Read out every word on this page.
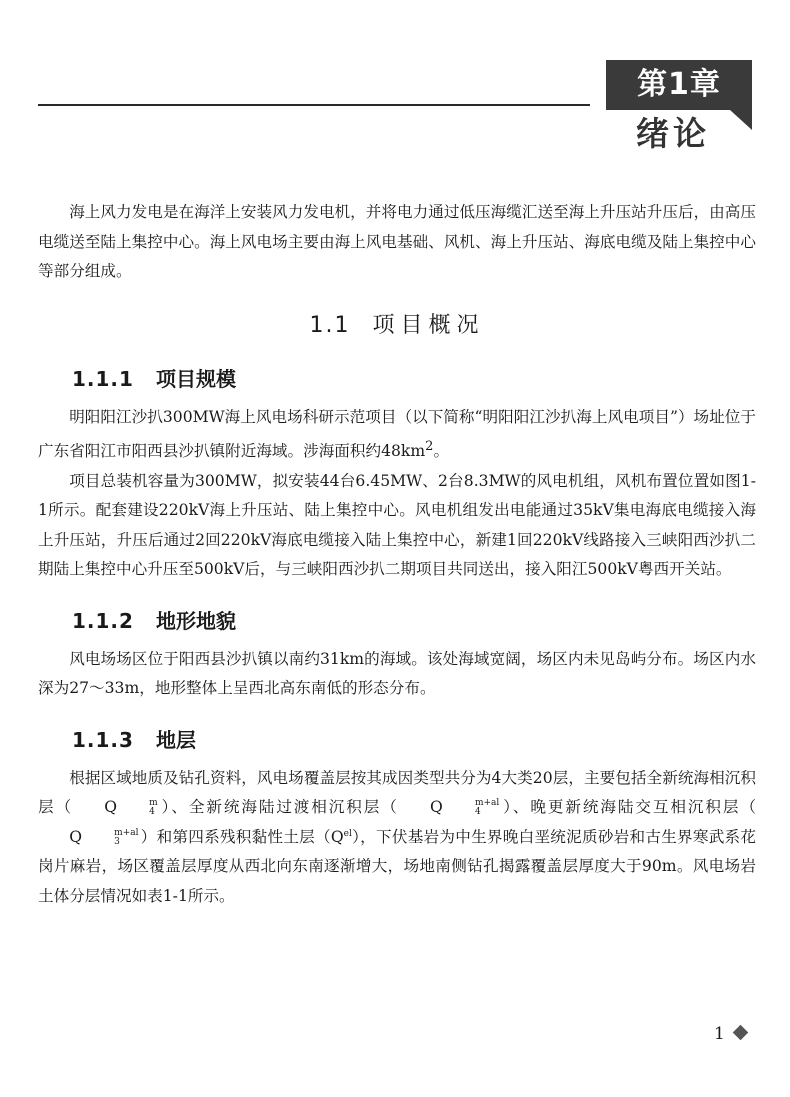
第1章
绪论

海上风力发电是在海洋上安装风力发电机，并将电力通过低压海缆汇送至海上升压站升压后，由高压电缆送至陆上集控中心。海上风电场主要由海上风电基础、风机、海上升压站、海底电缆及陆上集控中心等部分组成。

1.1 项目概况
1.1.1 项目规模

明阳阳江沙扒300MW海上风电场科研示范项目（以下简称“明阳阳江沙扒海上风电项目”）场址位于广东省阳江市阳西县沙扒镇附近海域。涉海面积约$48km^2$。

项目总装机容量为300MW，拟安装44台6.45MW、2台8.3MW的风电机组，风机布置位置如图1-1所示。配套建设220kV海上升压站、陆上集控中心。风电机组发出电能通过35kV集电海底电缆接入海上升压站，升压后通过2回220kV海底电缆接入陆上集控中心，新建1回220kV线路接入三峡阳西沙扒二期陆上集控中心升压至500kV后，与三峡阳西沙扒二期项目共同送出，接入阳江500kV粤西开关站。

1.1.2 地形地貌

风电场场区位于阳西县沙扒镇以南约31km的海域。该处海域宽阔，场区内未见岛屿分布。场区内水深为27～33m，地形整体上呈西北高东南低的形态分布。

1.1.3 地层

根据区域地质及钻孔资料，风电场覆盖层按其成因类型共分为4大类20层，主要包括全新统海相沉积层（ Q	m
4 ）、全新统海陆过渡相沉积层（ Q	m+al
4	）、晚更新统海陆交互相沉积层（Q	m+al
3	）和第四系残积黏性土层$(Q^{el})$，下伏基岩为中生界晚白垩统泥质砂岩和古生界寒武系花岗片麻岩，场区覆盖层厚度从西北向东南逐渐增大，场地南侧钻孔揭露覆盖层厚度大于90m。风电场岩土体分层情况如表1-1所示。

1
